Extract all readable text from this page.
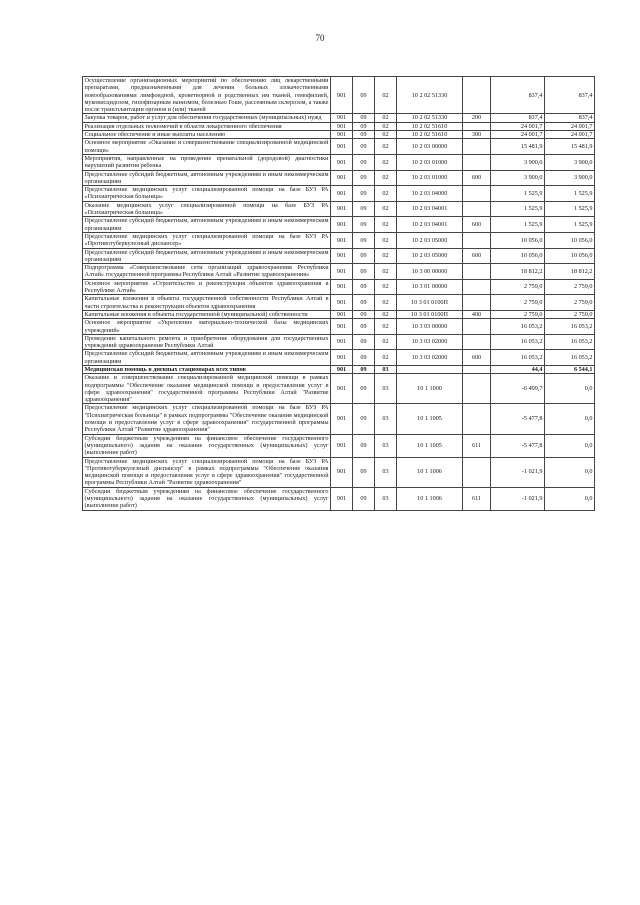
70
Осуществление организационных мероприятий по обеспечению лиц лекарственными препаратами, предназначенными для лечения больных злокачественными новообразованиями лимфоидной, кроветворной и родственных им тканей, гемофилией, муковисцидозом, гипофизарным нанизмом, болезнью Гоше, рассеянным склерозом, а также после трансплантации органов и (или) тканей	901	09	02	10 2 02 51330		837,4	837,4
Закупка товаров, работ и услуг для обеспечения государственных (муниципальных) нужд	901	09	02	10 2 02 51330	200	837,4	837,4
Реализация отдельных полномочий в области лекарственного обеспечения	901	09	02	10 2 02 51610		24 001,7	24 001,7
Социальное обеспечение и иные выплаты населению	901	09	02	10 2 02 51610	300	24 001,7	24 001,7
Основное мероприятие «Оказание и совершенствование специализированной медицинской помощи»	901	09	02	10 2 03 00000		15 481,9	15 481,9
Мероприятия, направленные на проведение пренатальной (дородовой) диагностики нарушений развития ребенка	901	09	02	10 2 03 01000		3 900,0	3 900,0
Предоставление субсидий бюджетным, автономным учреждениям и иным некоммерческим организациям	901	09	02	10 2 03 01000	600	3 900,0	3 900,0
Предоставление медицинских услуг специализированной помощи на базе БУЗ РА «Психиатрическая больница»	901	09	02	10 2 03 04000		1 525,9	1 525,9
Оказание медицинских услуг специализированной помощи на базе БУЗ РА «Психиатрическая больница»	901	09	02	10 2 03 04001		1 525,9	1 525,9
Предоставление субсидий бюджетным, автономным учреждениям и иным некоммерческим организациям	901	09	02	10 2 03 04001	600	1 525,9	1 525,9
Предоставление медицинских услуг специализированной помощи на базе БУЗ РА «Противотуберкулезный диспансер»	901	09	02	10 2 03 05000		10 056,0	10 056,0
Предоставление субсидий бюджетным, автономным учреждениям и иным некоммерческим организациям	901	09	02	10 2 03 05000	600	10 056,0	10 056,0
Подпрограмма «Совершенствование сети организаций здравоохранения Республики Алтай» государственной программы Республики Алтай «Развитие здравоохранения»	901	09	02	10 3 00 00000		18 812,2	18 812,2
Основное мероприятие «Строительство и реконструкция объектов здравоохранения в Республике Алтай»	901	09	02	10 3 01 00000		2 759,0	2 759,0
Капитальные вложения в объекты государственной собственности Республики Алтай в части строительства и реконструкции объектов здравоохранения	901	09	02	10 3 01 0100П		2 759,0	2 759,0
Капитальные вложения в объекты государственной (муниципальной) собственности	901	09	02	10 3 01 0100П	400	2 759,0	2 759,0
Основное мероприятие «Укрепление материально-технической базы медицинских учреждений»	901	09	02	10 3 03 00000		16 053,2	16 053,2
Проведение капитального ремонта и приобретение оборудования для государственных учреждений здравоохранения Республики Алтай	901	09	02	10 3 03 02000		16 053,2	16 053,2
Предоставление субсидий бюджетным, автономным учреждениям и иным некоммерческим организациям	901	09	02	10 3 03 02000	600	16 053,2	16 053,2
Медицинская помощь в дневных стационарах всех типов	901	09	03			44,4	6 544,1
Оказание и совершенствование специализированной медицинской помощи в рамках подпрограммы "Обеспечение оказания медицинской помощи и предоставления услуг в сфере здравоохранения" государственной программы Республики Алтай "Развитие здравоохранения"	901	09	03	10 1 1000		-6 499,7	0,0
Предоставление медицинских услуг специализированной помощи на базе БУЗ РА "Психиатрическая больница" в рамках подпрограммы "Обеспечение оказания медицинской помощи и предоставления услуг в сфере здравоохранения" государственной программы Республики Алтай "Развитие здравоохранения"	901	09	03	10 1 1005		-5 477,8	0,0
Субсидии бюджетным учреждениям на финансовое обеспечение государственного (муниципального) задания на оказание государственных (муниципальных) услуг (выполнение работ)	901	09	03	10 1 1005	611	-5 477,8	0,0
Предоставление медицинских услуг специализированной помощи на базе БУЗ РА "Противотуберкулезный диспансер" в рамках подпрограммы "Обеспечение оказания медицинской помощи и предоставления услуг в сфере здравоохранения" государственной программы Республики Алтай "Развитие здравоохранения"	901	09	03	10 1 1006		-1 021,9	0,0
Субсидии бюджетным учреждениям на финансовое обеспечение государственного (муниципального) задания на оказание государственных (муниципальных) услуг (выполнение работ)	901	09	03	10 1 1006	611	-1 021,9	0,0
